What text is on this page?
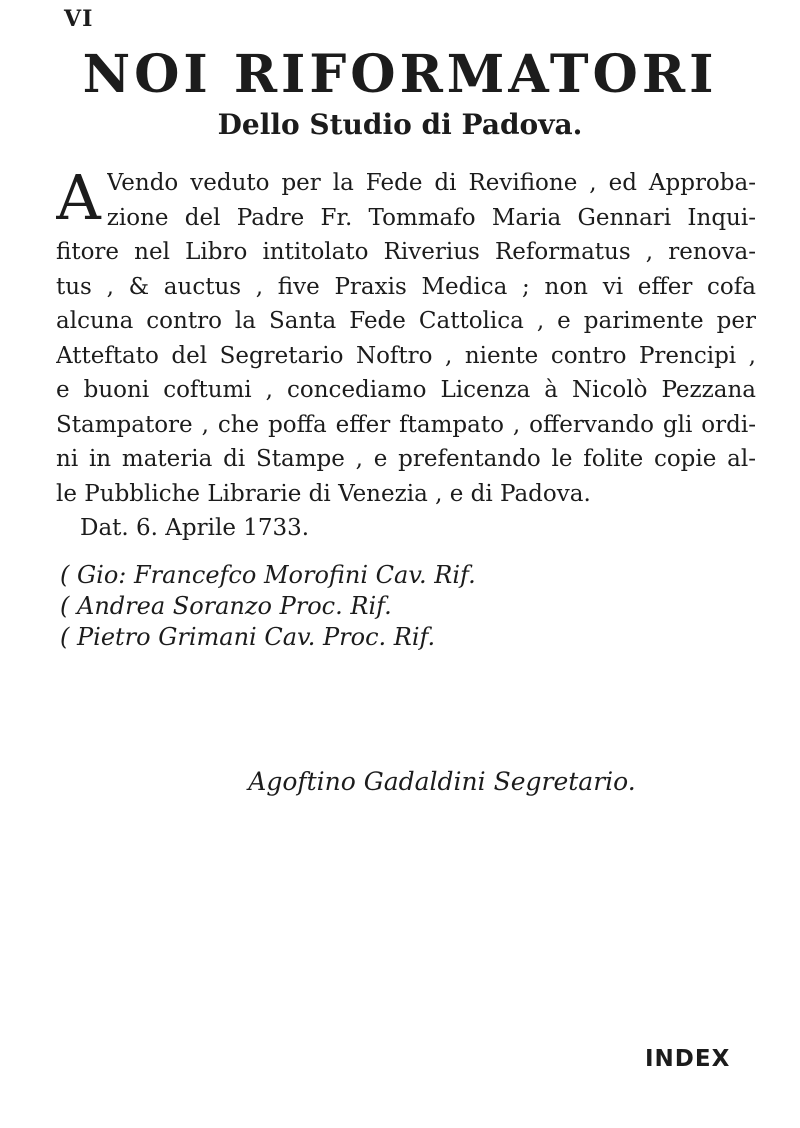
VI
NOI RIFORMATORI
Dello Studio di Padova.
A Vendo veduto per la Fede di Revifione , ed Approba-
zione del Padre Fr. Tommafo Maria Gennari Inqui-
fitore nel Libro intitolato Riverius Reformatus , renova-
tus , & auctus , five Praxis Medica ; non vi effer cofa
alcuna contro la Santa Fede Cattolica , e parimente per
Atteftato del Segretario Noftro , niente contro Prencipi ,
e buoni coftumi , concediamo Licenza à Nicolò Pezzana
Stampatore , che poffa effer ftampato , offervando gli ordi-
ni in materia di Stampe , e prefentando le folite copie al-
le Pubbliche Librarie di Venezia , e di Padova.
Dat. 6. Aprile 1733.
( Gio: Francefco Morofini Cav. Rif.
( Andrea Soranzo Proc. Rif.
( Pietro Grimani Cav. Proc. Rif.
Agoftino Gadaldini Segretario.
INDEX
